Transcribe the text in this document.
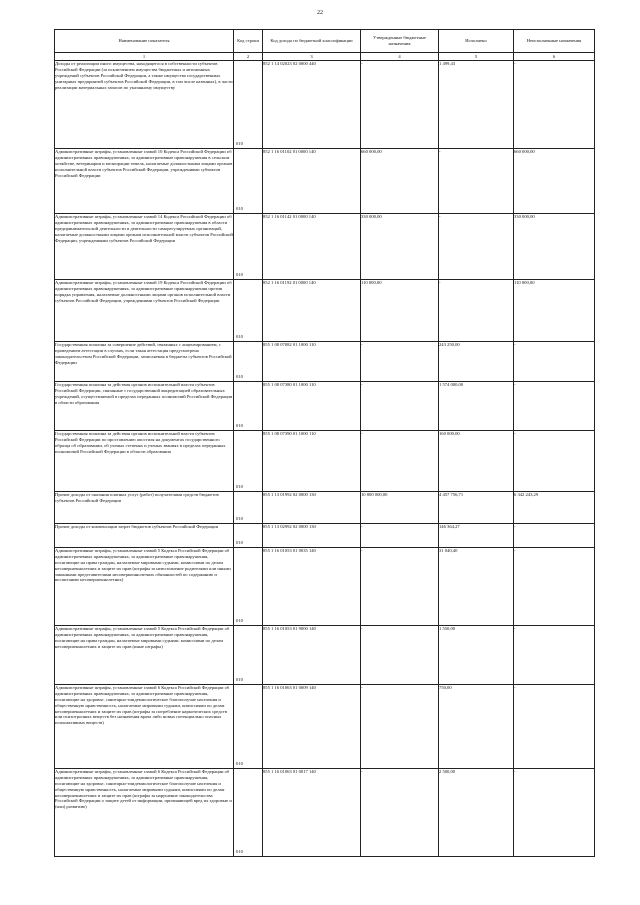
22
Наименование показателя	Код строки	Код дохода по бюджетной классификации	Утвержденные бюджетные назначения	Исполнено	Неисполненные назначения
1	2	3	4	5	6
Доходы от реализации иного имущества, находящегося в собственности субъектов Российской Федерации (за исключением имущества бюджетных и автономных учреждений субъектов Российской Федерации, а также имущества государственных унитарных предприятий субъектов Российской Федерации, в том числе казенных), в части реализации материальных запасов по указанному имуществу	010	852 1 14 02023 02 0000 440	-	1 499,43	-
Административные штрафы, установленные главой 10 Кодекса Российской Федерации об административных правонарушениях, за административные правонарушения в сельском хозяйстве, ветеринарии и мелиорации земель, налагаемые должностными лицами органов исполнительной власти субъектов Российской Федерации, учреждениями субъектов Российской Федерации	010	852 1 16 01102 01 0000 140	660 000,00	-	660 000,00
Административные штрафы, установленные главой 14 Кодекса Российской Федерации об административных правонарушениях, за административные правонарушения в области предпринимательской деятельности и деятельности саморегулируемых организаций, налагаемые должностными лицами органов исполнительной власти субъектов Российской Федерации, учреждениями субъектов Российской Федерации	010	852 1 16 01142 01 0000 140	330 000,00	-	330 000,00
Административные штрафы, установленные главой 19 Кодекса Российской Федерации об административных правонарушениях, за административные правонарушения против порядка управления, налагаемые должностными лицами органов исполнительной власти субъектов Российской Федерации, учреждениями субъектов Российской Федерации	010	852 1 16 01192 01 0000 140	110 000,00	-	110 000,00
Государственная пошлина за совершение действий, связанных с лицензированием, с проведением аттестации в случаях, если такая аттестация предусмотрена законодательством Российской Федерации, зачисляемая в бюджеты субъектов Российской Федерации	010	855 1 08 07082 01 1000 110	-	243 250,00	-
Государственная пошлина за действия органов исполнительной власти субъектов Российской Федерации, связанные с государственной аккредитацией образовательных учреждений, осуществляемой в пределах переданных полномочий Российской Федерации в области образования	010	855 1 08 07380 01 1000 110	-	1 574 000,00	-
Государственная пошлина за действия органов исполнительной власти субъектов Российской Федерации по проставлению апостиля на документах государственного образца об образовании, об ученых степенях и ученых званиях в пределах переданных полномочий Российской Федерации в области образования	010	855 1 08 07390 01 1000 110	-	160 000,00	-
Прочие доходы от оказания платных услуг (работ) получателями средств бюджетов субъектов Российской Федерации	010	855 1 13 01992 02 0000 130	10 800 000,00	4 457 756,71	6 342 243,29
Прочие доходы от компенсации затрат бюджетов субъектов Российской Федерации	010	855 1 13 02992 02 0000 130	-	146 364,27	-
Административные штрафы, установленные главой 5 Кодекса Российской Федерации об административных правонарушениях, за административные правонарушения, посягающие на права граждан, налагаемые мировыми судьями, комиссиями по делам несовершеннолетних и защите их прав (штрафы за неисполнение родителями или иными законными представителями несовершеннолетних обязанностей по содержанию и воспитанию несовершеннолетних)	010	855 1 16 01053 01 0035 140	-	31 040,40	-
Административные штрафы, установленные главой 5 Кодекса Российской Федерации об административных правонарушениях, за административные правонарушения, посягающие на права граждан, налагаемые мировыми судьями, комиссиями по делам несовершеннолетних и защите их прав (иные штрафы)	010	855 1 16 01053 01 9000 140	-	1 550,00	-
Административные штрафы, установленные главой 6 Кодекса Российской Федерации об административных правонарушениях, за административные правонарушения, посягающие на здоровье, санитарно-эпидемиологическое благополучие населения и общественную нравственность, налагаемые мировыми судьями, комиссиями по делам несовершеннолетних и защите их прав (штрафы за потребление наркотических средств или психотропных веществ без назначения врача либо новых потенциально опасных психоактивных веществ)	010	855 1 16 01063 01 0009 140	-	750,00	-
Административные штрафы, установленные главой 6 Кодекса Российской Федерации об административных правонарушениях, за административные правонарушения, посягающие на здоровье, санитарно-эпидемиологическое благополучие населения и общественную нравственность, налагаемые мировыми судьями, комиссиями по делам несовершеннолетних и защите их прав (штрафы за нарушение законодательства Российской Федерации о защите детей от информации, причиняющей вред их здоровью и (или) развитию)	010	855 1 16 01063 01 0017 140	-	2 500,00	-
